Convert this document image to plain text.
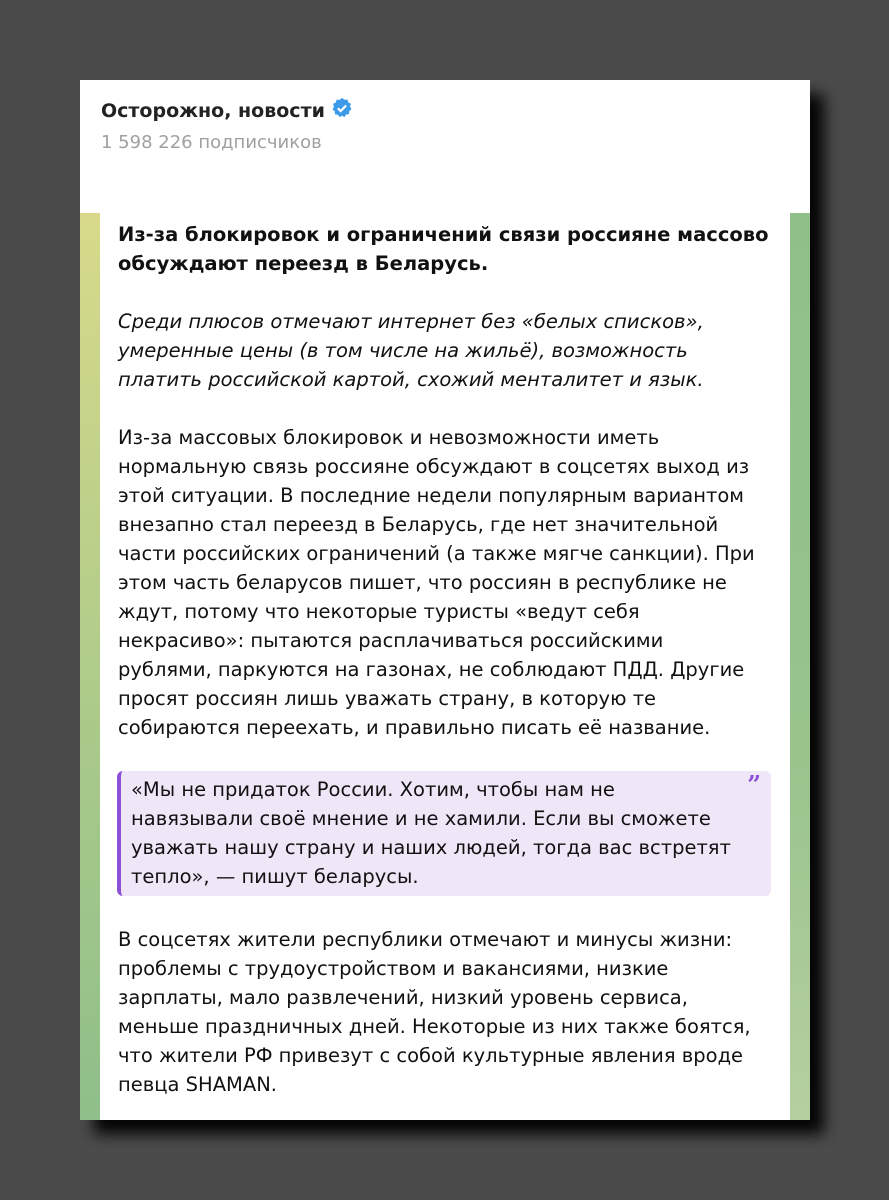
Осторожно, новости
1 598 226 подписчиков
Из-за блокировок и ограничений связи россияне массово
обсуждают переезд в Беларусь.
Среди плюсов отмечают интернет без «белых списков»,
умеренные цены (в том числе на жильё), возможность
платить российской картой, схожий менталитет и язык.
Из-за массовых блокировок и невозможности иметь
нормальную связь россияне обсуждают в соцсетях выход из
этой ситуации. В последние недели популярным вариантом
внезапно стал переезд в Беларусь, где нет значительной
части российских ограничений (а также мягче санкции). При
этом часть беларусов пишет, что россиян в республике не
ждут, потому что некоторые туристы «ведут себя
некрасиво»: пытаются расплачиваться российскими
рублями, паркуются на газонах, не соблюдают ПДД. Другие
просят россиян лишь уважать страну, в которую те
собираются переехать, и правильно писать её название.
”
«Мы не придаток России. Хотим, чтобы нам не
навязывали своё мнение и не хамили. Если вы сможете
уважать нашу страну и наших людей, тогда вас встретят
тепло», — пишут беларусы.
В соцсетях жители республики отмечают и минусы жизни:
проблемы с трудоустройством и вакансиями, низкие
зарплаты, мало развлечений, низкий уровень сервиса,
меньше праздничных дней. Некоторые из них также боятся,
что жители РФ привезут с собой культурные явления вроде
певца SHAMAN.
